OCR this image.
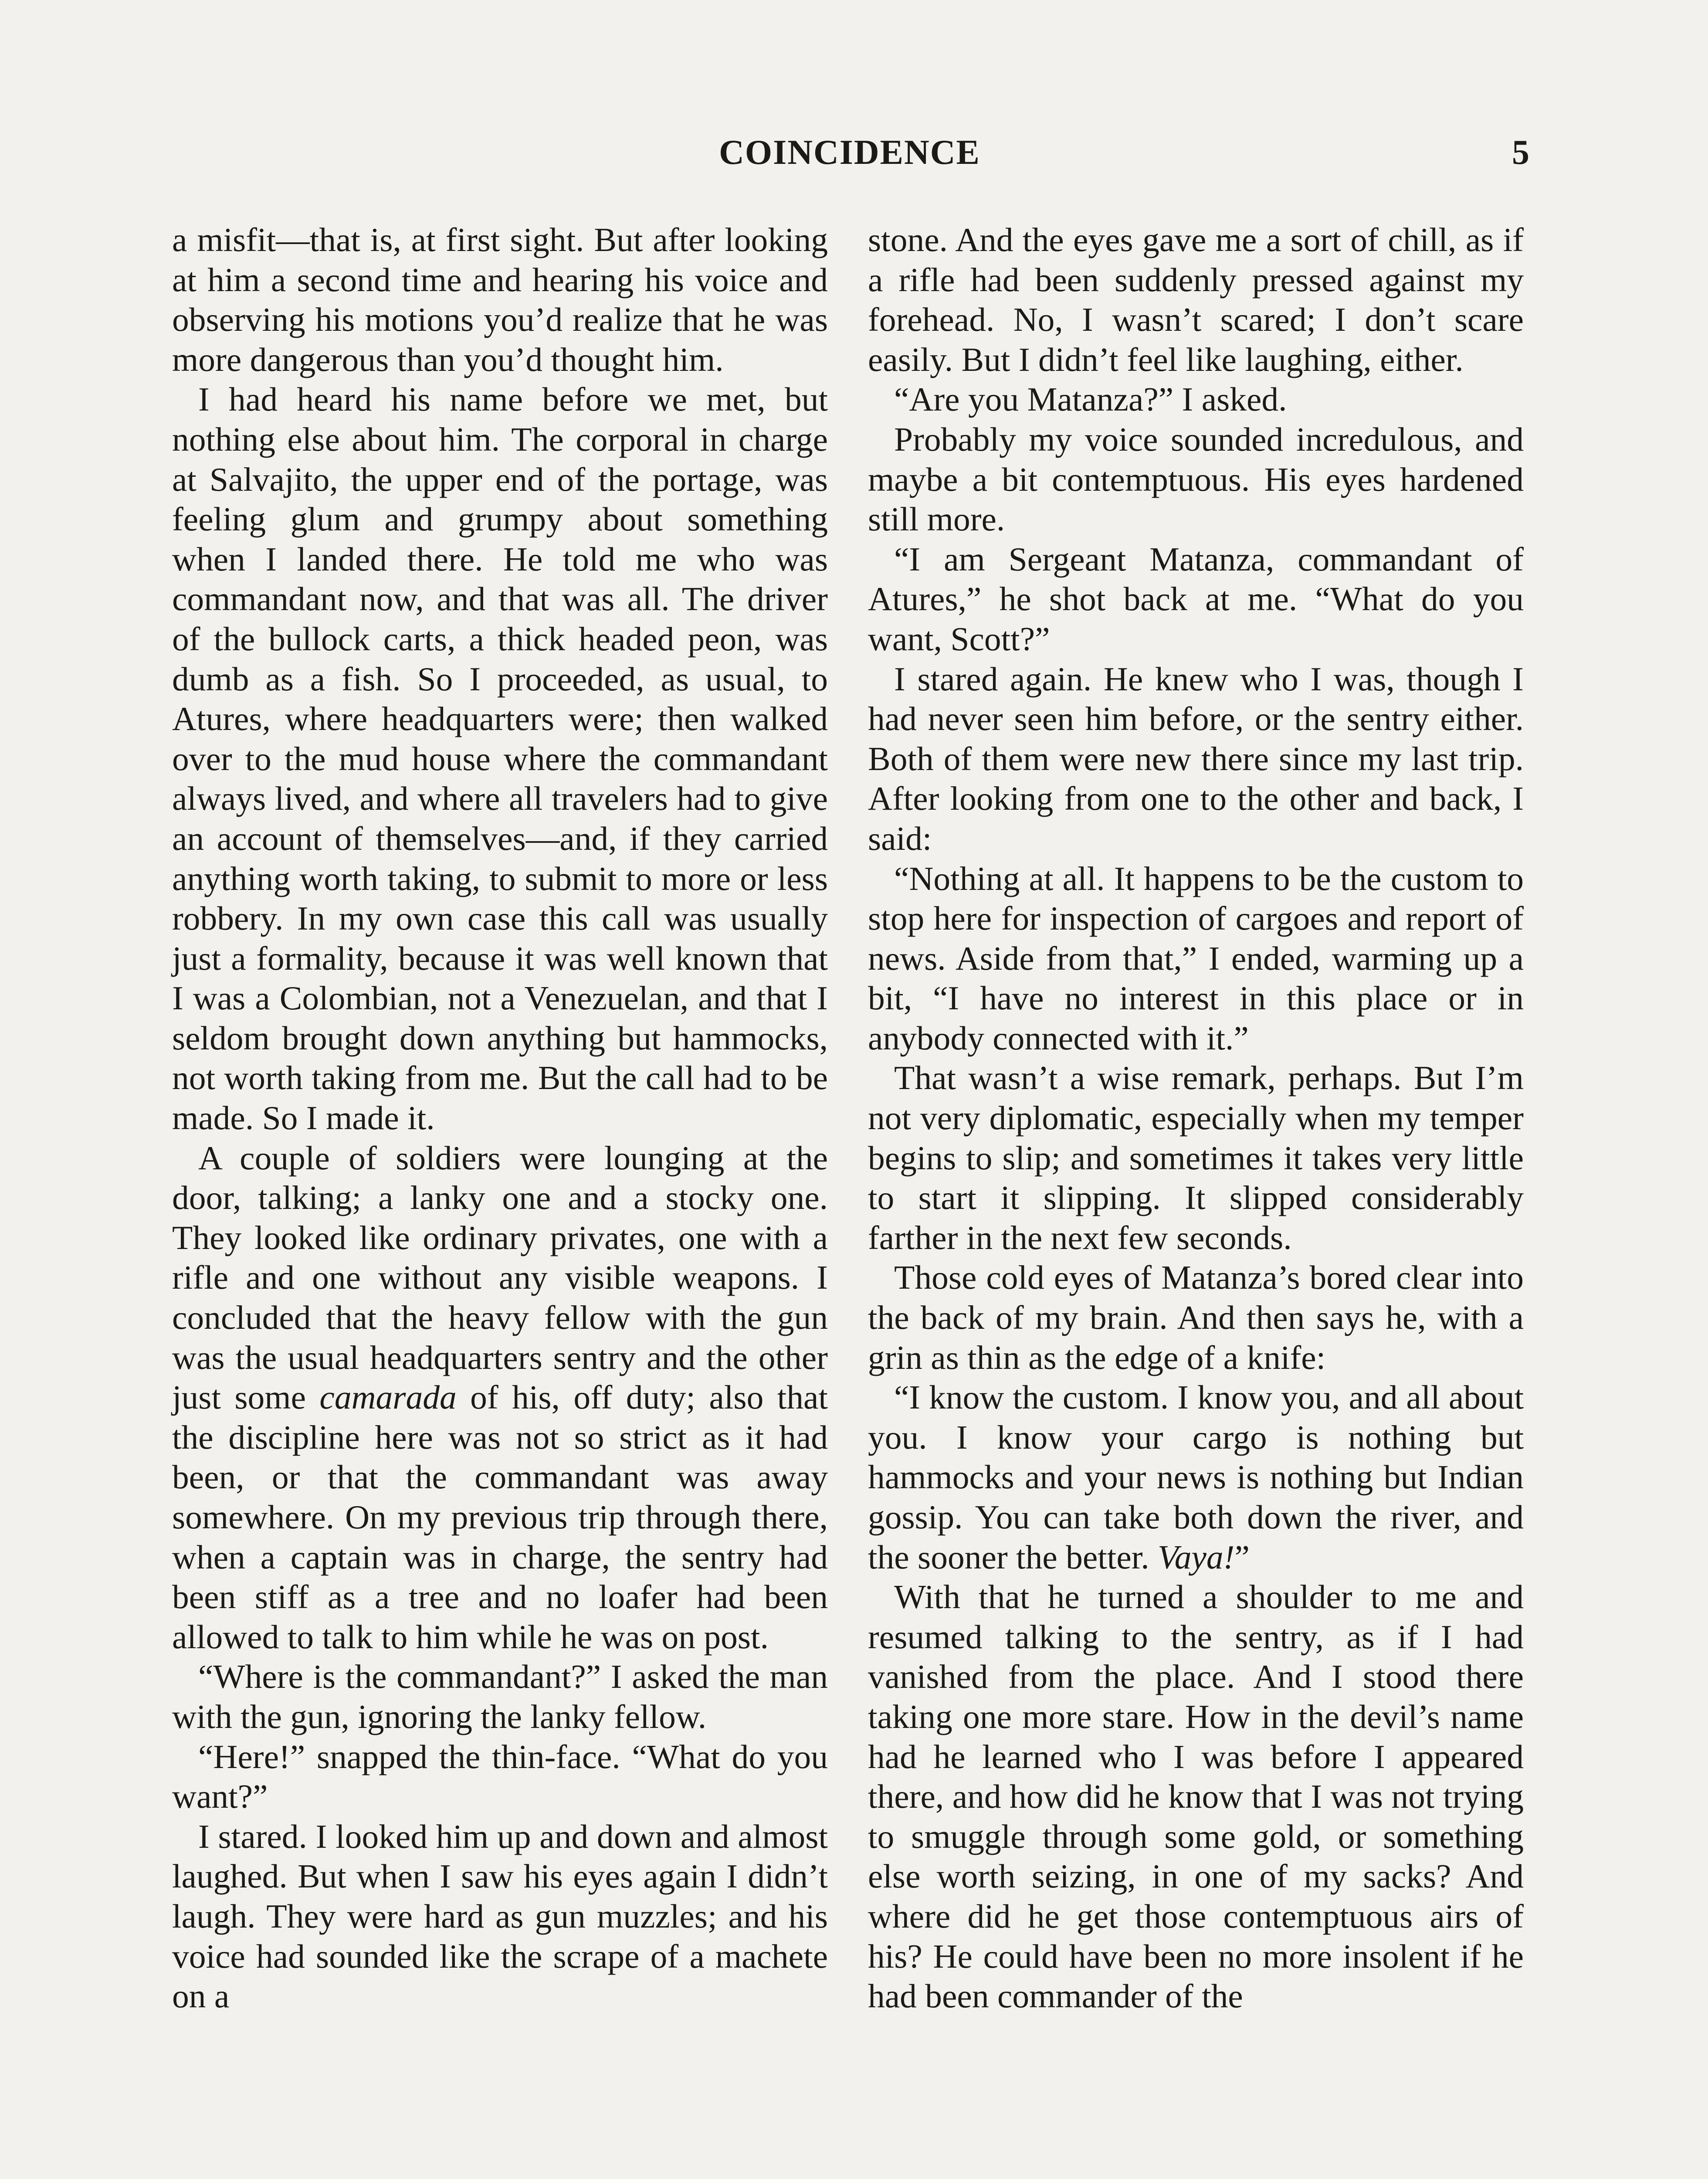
COINCIDENCE	5

a misfit—that is, at first sight. But after looking at him a second time and hearing his voice and observing his motions you’d realize that he was more dangerous than you’d thought him.

I had heard his name before we met, but nothing else about him. The corporal in charge at Salvajito, the upper end of the portage, was feeling glum and grumpy about something when I landed there. He told me who was commandant now, and that was all. The driver of the bullock carts, a thick headed peon, was dumb as a fish. So I proceeded, as usual, to Atures, where headquarters were; then walked over to the mud house where the commandant always lived, and where all travelers had to give an account of themselves—and, if they carried anything worth taking, to submit to more or less robbery. In my own case this call was usually just a formality, because it was well known that I was a Colombian, not a Venezuelan, and that I seldom brought down anything but hammocks, not worth taking from me. But the call had to be made. So I made it.

A couple of soldiers were lounging at the door, talking; a lanky one and a stocky one. They looked like ordinary privates, one with a rifle and one without any visible weapons. I concluded that the heavy fellow with the gun was the usual headquarters sentry and the other just some camarada of his, off duty; also that the discipline here was not so strict as it had been, or that the commandant was away somewhere. On my previous trip through there, when a captain was in charge, the sentry had been stiff as a tree and no loafer had been allowed to talk to him while he was on post.

“Where is the commandant?” I asked the man with the gun, ignoring the lanky fellow.

“Here!” snapped the thin-face. “What do you want?”

I stared. I looked him up and down and almost laughed. But when I saw his eyes again I didn’t laugh. They were hard as gun muzzles; and his voice had sounded like the scrape of a machete on a

stone. And the eyes gave me a sort of chill, as if a rifle had been suddenly pressed against my forehead. No, I wasn’t scared; I don’t scare easily. But I didn’t feel like laughing, either.

“Are you Matanza?” I asked.

Probably my voice sounded incredulous, and maybe a bit contemptuous. His eyes hardened still more.

“I am Sergeant Matanza, commandant of Atures,” he shot back at me. “What do you want, Scott?”

I stared again. He knew who I was, though I had never seen him before, or the sentry either. Both of them were new there since my last trip. After looking from one to the other and back, I said:

“Nothing at all. It happens to be the custom to stop here for inspection of cargoes and report of news. Aside from that,” I ended, warming up a bit, “I have no interest in this place or in anybody connected with it.”

That wasn’t a wise remark, perhaps. But I’m not very diplomatic, especially when my temper begins to slip; and sometimes it takes very little to start it slipping. It slipped considerably farther in the next few seconds.

Those cold eyes of Matanza’s bored clear into the back of my brain. And then says he, with a grin as thin as the edge of a knife:

“I know the custom. I know you, and all about you. I know your cargo is nothing but hammocks and your news is nothing but Indian gossip. You can take both down the river, and the sooner the better. Vaya!”

With that he turned a shoulder to me and resumed talking to the sentry, as if I had vanished from the place. And I stood there taking one more stare. How in the devil’s name had he learned who I was before I appeared there, and how did he know that I was not trying to smuggle through some gold, or something else worth seizing, in one of my sacks? And where did he get those contemptuous airs of his? He could have been no more insolent if he had been commander of the
